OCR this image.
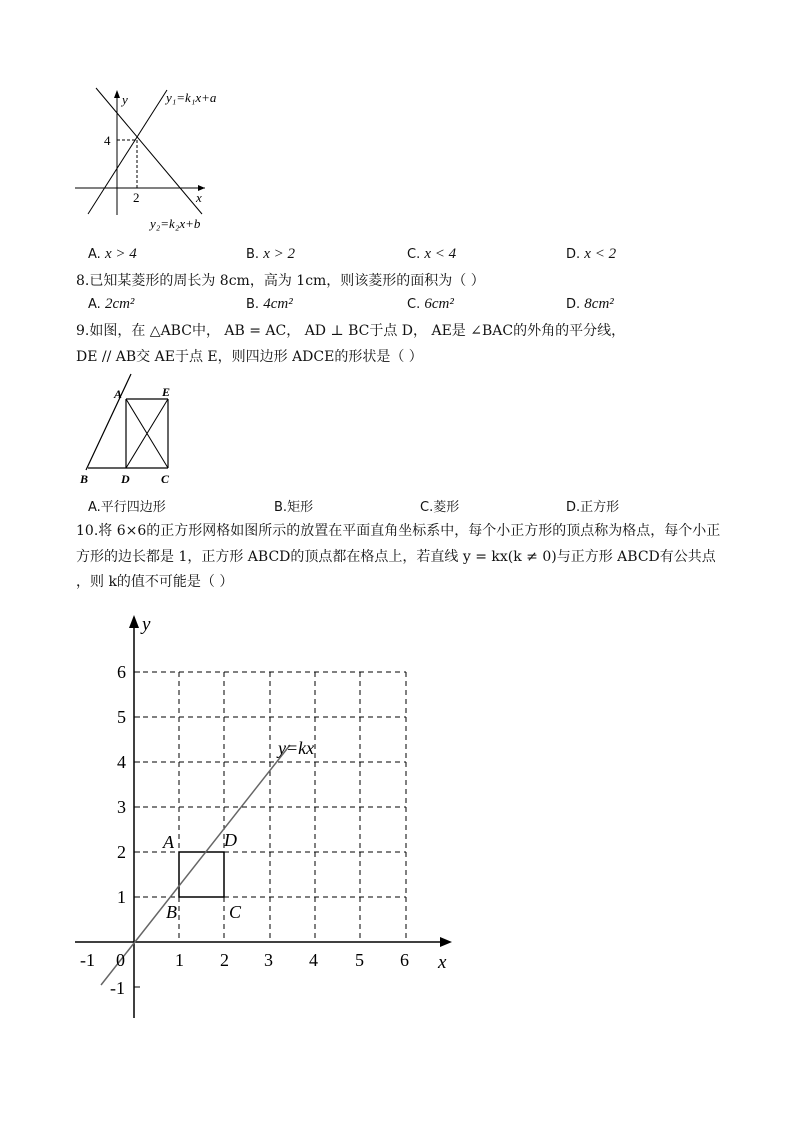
y
x
4
2
y₁=k₁x+a
y₂=k₂x+b
A. x > 4	B. x > 2	C. x < 4	D. x < 2
8.已知某菱形的周长为 8cm，高为 1cm，则该菱形的面积为（ ）
A. 2cm²	B. 4cm²	C. 6cm²	D. 8cm²
9.如图，在 △ABC中， AB = AC， AD ⊥ BC于点 D， AE是 ∠BAC的外角的平分线，
DE // AB交 AE于点 E，则四边形 ADCE的形状是（ ）
A	E
B	D	C
A.平行四边形	B.矩形	C.菱形	D.正方形
10.将 6×6的正方形网格如图所示的放置在平面直角坐标系中，每个小正方形的顶点称为格点，每个小正
方形的边长都是 1，正方形 ABCD的顶点都在格点上，若直线 y = kx(k ≠ 0)与正方形 ABCD有公共点
，则 k的值不可能是（ ）
y
x
y=kx
-1 0	1 2 3 4 5 6
1
2
3
4
5
6
-1
A	D
B	C
